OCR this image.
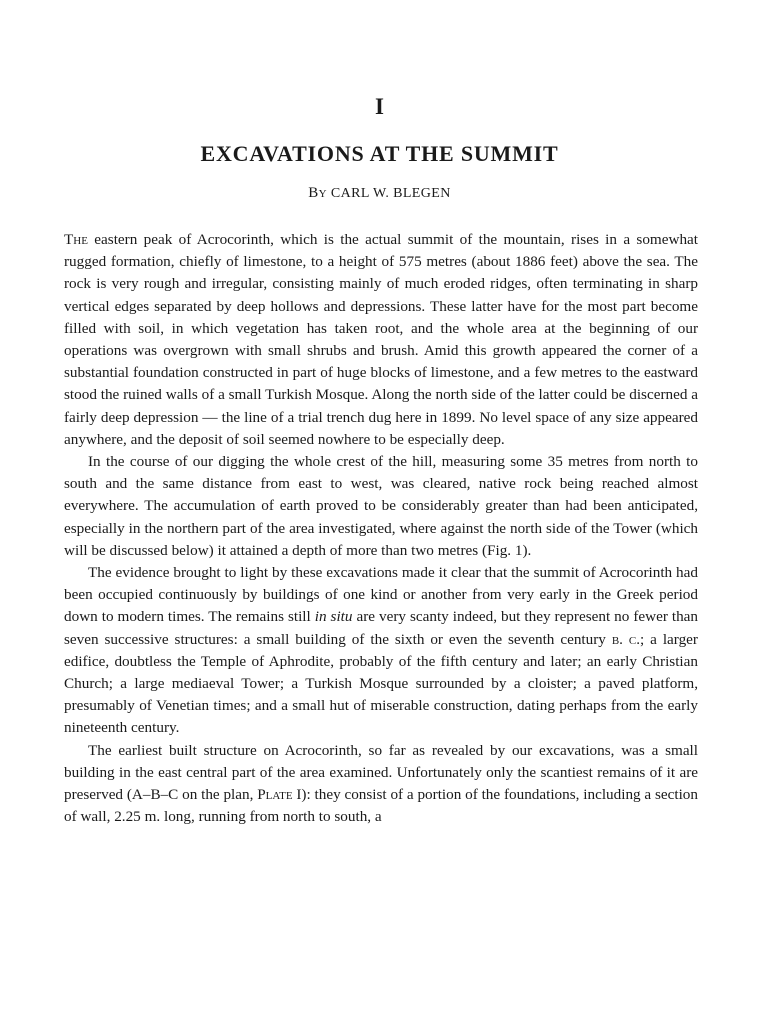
I
EXCAVATIONS AT THE SUMMIT
By CARL W. BLEGEN

The eastern peak of Acrocorinth, which is the actual summit of the mountain, rises in a somewhat rugged formation, chiefly of limestone, to a height of 575 metres (about 1886 feet) above the sea. The rock is very rough and irregular, consisting mainly of much eroded ridges, often terminating in sharp vertical edges separated by deep hollows and depressions. These latter have for the most part become filled with soil, in which vegetation has taken root, and the whole area at the beginning of our operations was overgrown with small shrubs and brush. Amid this growth appeared the corner of a substantial foundation constructed in part of huge blocks of limestone, and a few metres to the eastward stood the ruined walls of a small Turkish Mosque. Along the north side of the latter could be discerned a fairly deep depression — the line of a trial trench dug here in 1899. No level space of any size appeared anywhere, and the deposit of soil seemed nowhere to be especially deep.

In the course of our digging the whole crest of the hill, measuring some 35 metres from north to south and the same distance from east to west, was cleared, native rock being reached almost everywhere. The accumulation of earth proved to be considerably greater than had been anticipated, especially in the northern part of the area investigated, where against the north side of the Tower (which will be discussed below) it attained a depth of more than two metres (Fig. 1).

The evidence brought to light by these excavations made it clear that the summit of Acrocorinth had been occupied continuously by buildings of one kind or another from very early in the Greek period down to modern times. The remains still in situ are very scanty indeed, but they represent no fewer than seven successive structures: a small building of the sixth or even the seventh century b. c.; a larger edifice, doubtless the Temple of Aphrodite, probably of the fifth century and later; an early Christian Church; a large mediaeval Tower; a Turkish Mosque surrounded by a cloister; a paved platform, presumably of Venetian times; and a small hut of miserable construction, dating perhaps from the early nineteenth century.

The earliest built structure on Acrocorinth, so far as revealed by our excavations, was a small building in the east central part of the area examined. Unfortunately only the scantiest remains of it are preserved (A–B–C on the plan, Plate I): they consist of a portion of the foundations, including a section of wall, 2.25 m. long, running from north to south, a
